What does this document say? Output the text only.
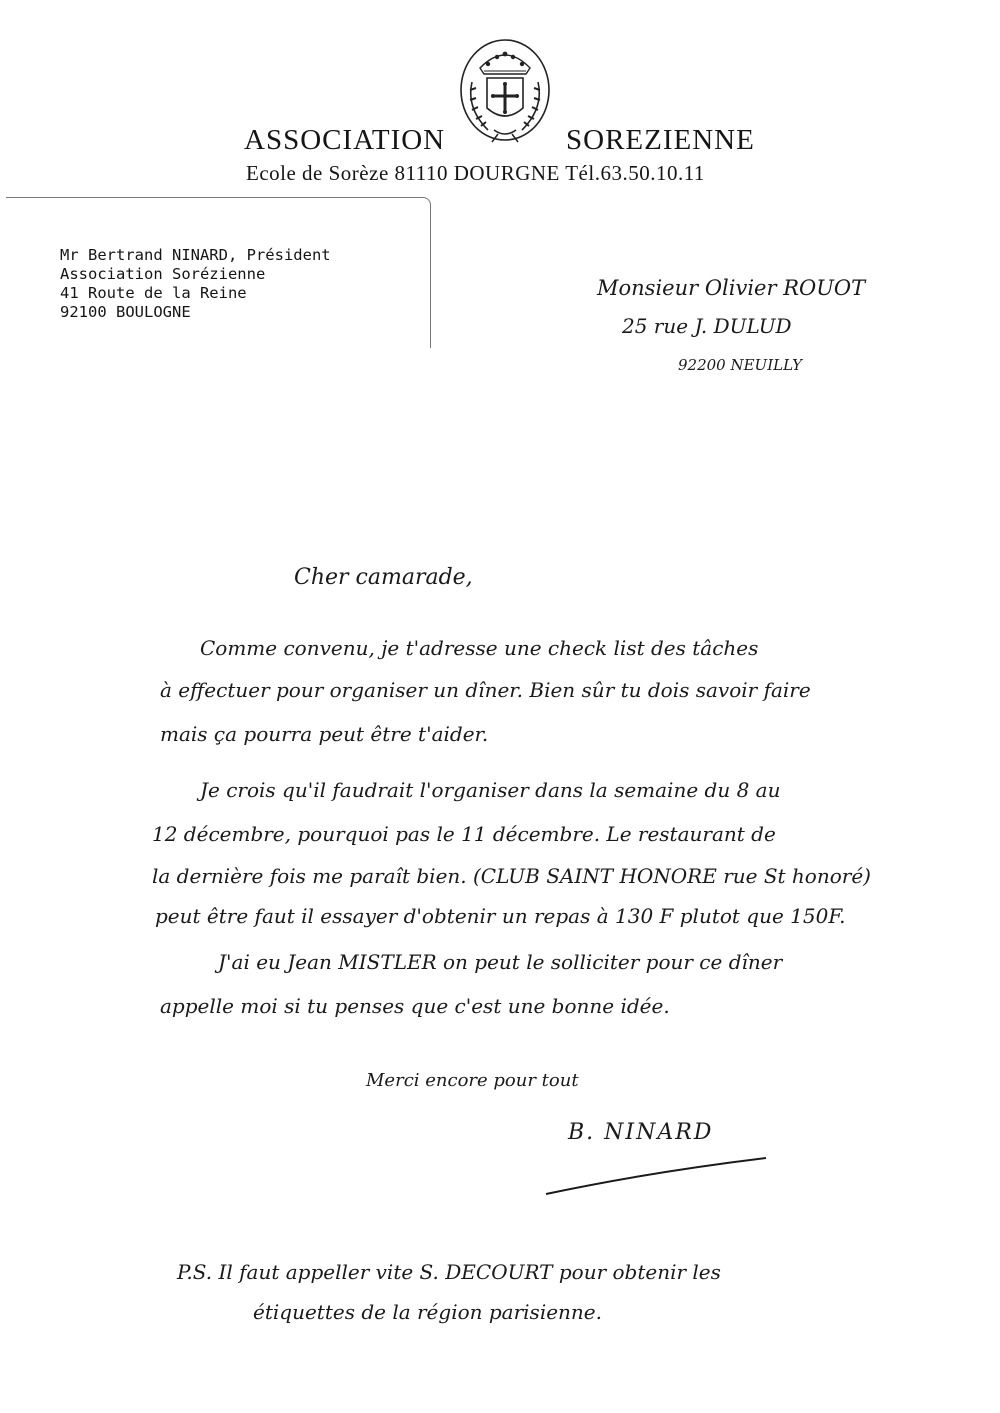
ASSOCIATION	SOREZIENNE
Ecole de Sorèze 81110 DOURGNE Tél.63.50.10.11
Mr Bertrand NINARD, Président
Association Sorézienne
41 Route de la Reine
92100 BOULOGNE
Monsieur Olivier ROUOT
25 rue J. DULUD
92200 NEUILLY
Cher camarade,
Comme convenu, je t'adresse une check list des tâches
à effectuer pour organiser un dîner. Bien sûr tu dois savoir faire
mais ça pourra peut être t'aider.
Je crois qu'il faudrait l'organiser dans la semaine du 8 au
12 décembre, pourquoi pas le 11 décembre. Le restaurant de
la dernière fois me paraît bien. (CLUB SAINT HONORE rue St honoré)
peut être faut il essayer d'obtenir un repas à 130 F plutot que 150F.
J'ai eu Jean MISTLER on peut le solliciter pour ce dîner
appelle moi si tu penses que c'est une bonne idée.
Merci encore pour tout
B. NINARD
P.S. Il faut appeller vite S. DECOURT pour obtenir les
étiquettes de la région parisienne.
